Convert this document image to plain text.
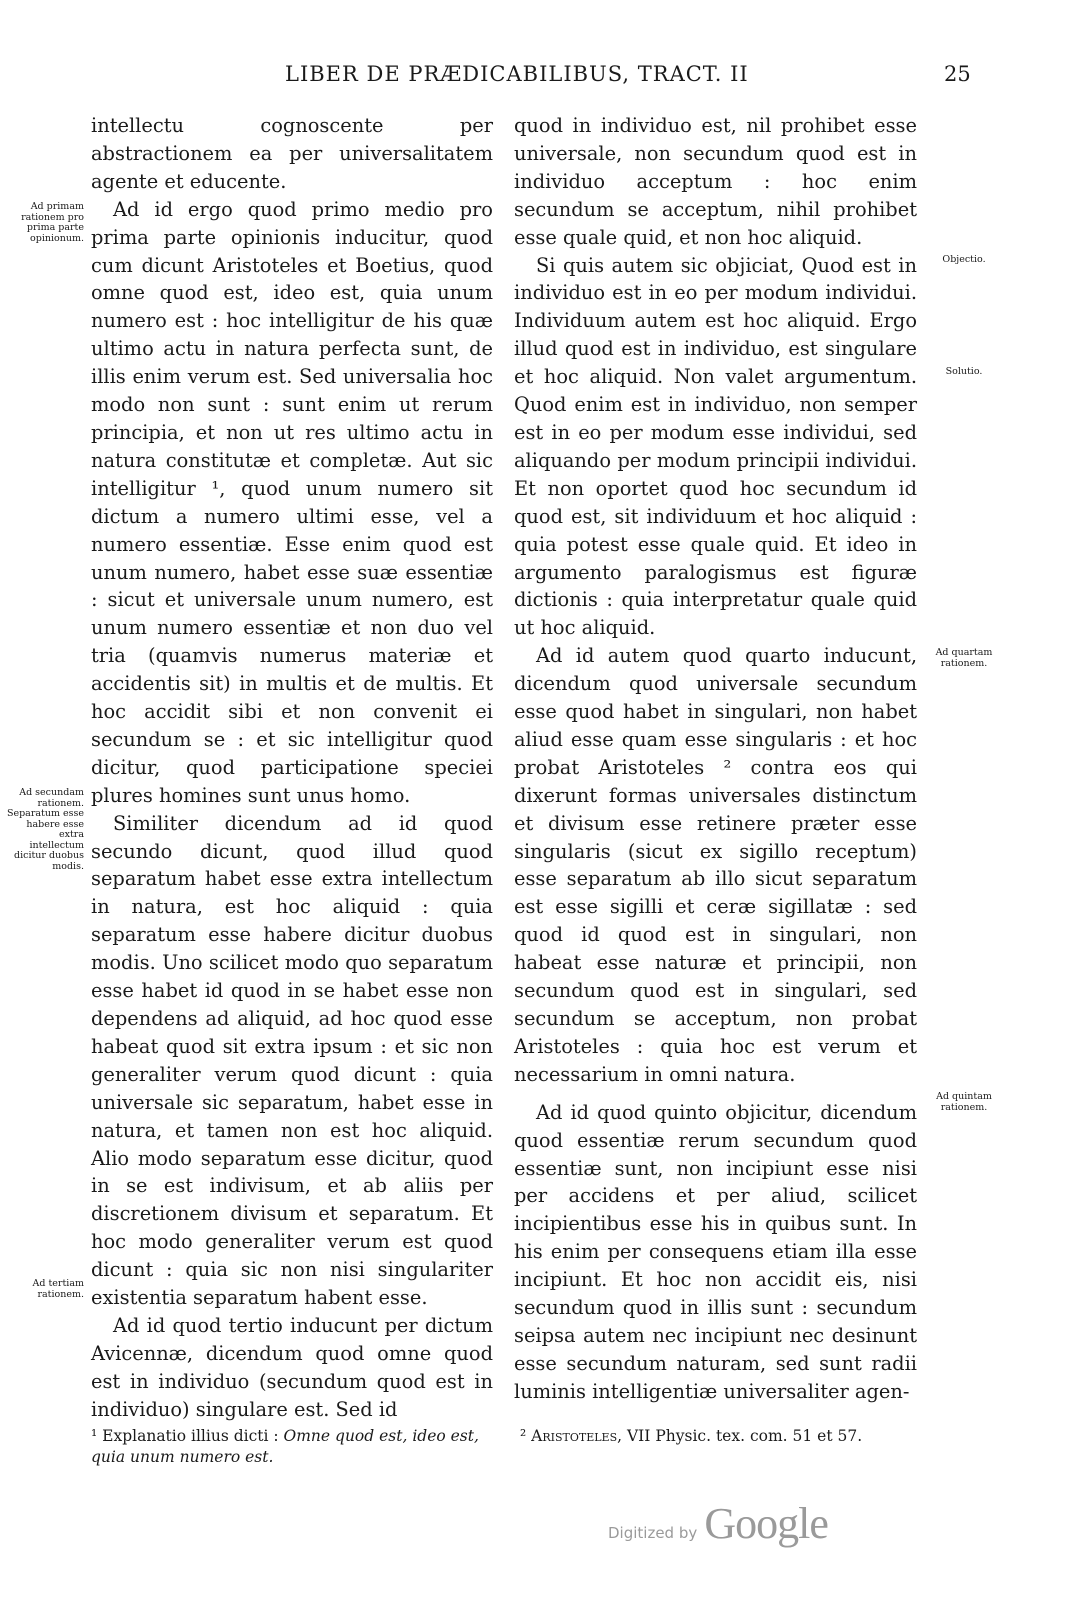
LIBER DE PRÆDICABILIBUS, TRACT. II	25

intellectu cognoscente per abstractionem ea per universalitatem agente et educente.

Ad id ergo quod primo medio pro prima parte opinionis inducitur, quod cum dicunt Aristoteles et Boetius, quod omne quod est, ideo est, quia unum numero est : hoc intelligitur de his quæ ultimo actu in natura perfecta sunt, de illis enim verum est. Sed universalia hoc modo non sunt : sunt enim ut rerum principia, et non ut res ultimo actu in natura constitutæ et completæ. Aut sic intelligitur ¹, quod unum numero sit dictum a numero ultimi esse, vel a numero essentiæ. Esse enim quod est unum numero, habet esse suæ essentiæ : sicut et universale unum numero, est unum numero essentiæ et non duo vel tria (quamvis numerus materiæ et accidentis sit) in multis et de multis. Et hoc accidit sibi et non convenit ei secundum se : et sic intelligitur quod dicitur, quod participatione speciei plures homines sunt unus homo.

Similiter dicendum ad id quod secundo dicunt, quod illud quod separatum habet esse extra intellectum in natura, est hoc aliquid : quia separatum esse habere dicitur duobus modis. Uno scilicet modo quo separatum esse habet id quod in se habet esse non dependens ad aliquid, ad hoc quod esse habeat quod sit extra ipsum : et sic non generaliter verum quod dicunt : quia universale sic separatum, habet esse in natura, et tamen non est hoc aliquid. Alio modo separatum esse dicitur, quod in se est indivisum, et ab aliis per discretionem divisum et separatum. Et hoc modo generaliter verum est quod dicunt : quia sic non nisi singulariter existentia separatum habent esse.

Ad id quod tertio inducunt per dictum Avicennæ, dicendum quod omne quod est in individuo (secundum quod est in individuo) singulare est. Sed id

quod in individuo est, nil prohibet esse universale, non secundum quod est in individuo acceptum : hoc enim secundum se acceptum, nihil prohibet esse quale quid, et non hoc aliquid.

Si quis autem sic objiciat, Quod est in individuo est in eo per modum individui. Individuum autem est hoc aliquid. Ergo illud quod est in individuo, est singulare et hoc aliquid. Non valet argumentum. Quod enim est in individuo, non semper est in eo per modum esse individui, sed aliquando per modum principii individui. Et non oportet quod hoc secundum id quod est, sit individuum et hoc aliquid : quia potest esse quale quid. Et ideo in argumento paralogismus est figuræ dictionis : quia interpretatur quale quid ut hoc aliquid.

Ad id autem quod quarto inducunt, dicendum quod universale secundum esse quod habet in singulari, non habet aliud esse quam esse singularis : et hoc probat Aristoteles ² contra eos qui dixerunt formas universales distinctum et divisum esse retinere præter esse singularis (sicut ex sigillo receptum) esse separatum ab illo sicut separatum est esse sigilli et ceræ sigillatæ : sed quod id quod est in singulari, non habeat esse naturæ et principii, non secundum quod est in singulari, sed secundum se acceptum, non probat Aristoteles : quia hoc est verum et necessarium in omni natura.

Ad id quod quinto objicitur, dicendum quod essentiæ rerum secundum quod essentiæ sunt, non incipiunt esse nisi per accidens et per aliud, scilicet incipientibus esse his in quibus sunt. In his enim per consequens etiam illa esse incipiunt. Et hoc non accidit eis, nisi secundum quod in illis sunt : secundum seipsa autem nec incipiunt nec desinunt esse secundum naturam, sed sunt radii luminis intelligentiæ universaliter agen-

Ad primam rationem pro prima parte opinionum.
Ad secundam rationem. Separatum esse habere esse extra intellectum dicitur duobus modis.
Ad tertiam rationem.
Objectio.
Solutio.
Ad quartam rationem.
Ad quintam rationem.
¹ Explanatio illius dicti : Omne quod est, ideo est, quia unum numero est.
² Aristoteles, VII Physic. tex. com. 51 et 57.
Digitized by Google
